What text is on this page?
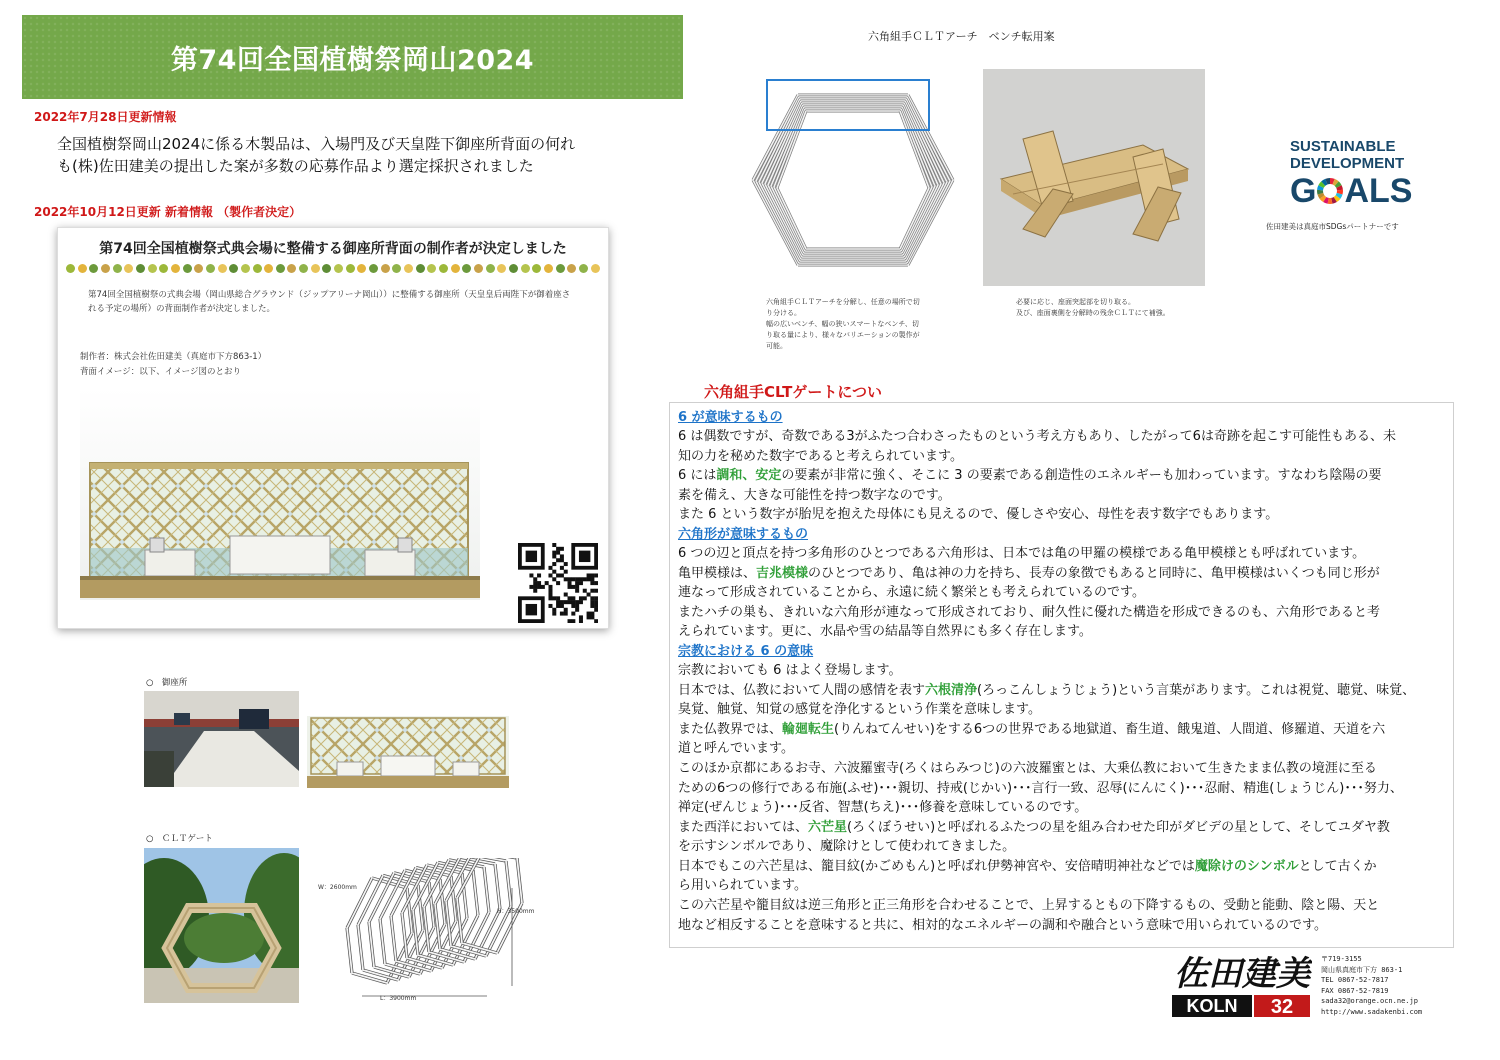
第74回全国植樹祭岡山2024
2022年7月28日更新情報
全国植樹祭岡山2024に係る木製品は、入場門及び天皇陛下御座所背面の何れ
も(株)佐田建美の提出した案が多数の応募作品より選定採択されました
2022年10月12日更新 新着情報 （製作者決定）
第74回全国植樹祭式典会場に整備する御座所背面の制作者が決定しました
第74回全国植樹祭の式典会場（岡山県総合グラウンド（ジップアリーナ岡山））に整備する御座所（天皇皇后両陛下が御着座さ
れる予定の場所）の背面制作者が決定しました。
制作者：株式会社佐田建美（真庭市下方863-1）
背面イメージ：以下、イメージ図のとおり
○　御座所
○　ＣＬＴゲート
W：2600mm
H：3500mm
L：3900mm
六角組手ＣＬＴアーチ　ベンチ転用案
六角組手ＣＬＴアーチを分解し、任意の場所で切
り分ける。
幅の広いベンチ、幅の狭いスマートなベンチ、切
り取る量により、様々なバリエーションの製作が
可能。
必要に応じ、座面突起部を切り取る。
及び、座面裏側を分解時の残余ＣＬＴにて補強。
SUSTAINABLE
DEVELOPMENT
G ALS
佐田建美は真庭市SDGsパートナーです
六角組手CLTゲートについ
6 が意味するもの
6 は偶数ですが、奇数である3がふたつ合わさったものという考え方もあり、したがって6は奇跡を起こす可能性もある、未
知の力を秘めた数字であると考えられています。
6 には調和、安定の要素が非常に強く、そこに 3 の要素である創造性のエネルギーも加わっています。すなわち陰陽の要
素を備え、大きな可能性を持つ数字なのです。
また 6 という数字が胎児を抱えた母体にも見えるので、優しさや安心、母性を表す数字でもあります。
六角形が意味するもの
6 つの辺と頂点を持つ多角形のひとつである六角形は、日本では亀の甲羅の模様である亀甲模様とも呼ばれています。
亀甲模様は、吉兆模様のひとつであり、亀は神の力を持ち、長寿の象徴でもあると同時に、亀甲模様はいくつも同じ形が
連なって形成されていることから、永遠に続く繁栄とも考えられているのです。
またハチの巣も、きれいな六角形が連なって形成されており、耐久性に優れた構造を形成できるのも、六角形であると考
えられています。更に、水晶や雪の結晶等自然界にも多く存在します。
宗教における 6 の意味
宗教においても 6 はよく登場します。
日本では、仏教において人間の感情を表す六根清浄(ろっこんしょうじょう)という言葉があります。これは視覚、聴覚、味覚、
臭覚、触覚、知覚の感覚を浄化するという作業を意味します。
また仏教界では、輪廻転生(りんねてんせい)をする6つの世界である地獄道、畜生道、餓鬼道、人間道、修羅道、天道を六
道と呼んでいます。
このほか京都にあるお寺、六波羅蜜寺(ろくはらみつじ)の六波羅蜜とは、大乗仏教において生きたまま仏教の境涯に至る
ための6つの修行である布施(ふせ)･･･親切、持戒(じかい)･･･言行一致、忍辱(にんにく)･･･忍耐、精進(しょうじん)･･･努力、
禅定(ぜんじょう)･･･反省、智慧(ちえ)･･･修養を意味しているのです。
また西洋においては、六芒星(ろくぼうせい)と呼ばれるふたつの星を組み合わせた印がダビデの星として、そしてユダヤ教
を示すシンボルであり、魔除けとして使われてきました。
日本でもこの六芒星は、籠目紋(かごめもん)と呼ばれ伊勢神宮や、安倍晴明神社などでは魔除けのシンボルとして古くか
ら用いられています。
この六芒星や籠目紋は逆三角形と正三角形を合わせることで、上昇するともの下降するもの、受動と能動、陰と陽、天と
地など相反することを意味すると共に、相対的なエネルギーの調和や融合という意味で用いられているのです。
佐田建美
KOLN 32
〒719-3155
岡山県真庭市下方 863-1
TEL 0867-52-7817
FAX 0867-52-7819
sada32@orange.ocn.ne.jp
http://www.sadakenbi.com
